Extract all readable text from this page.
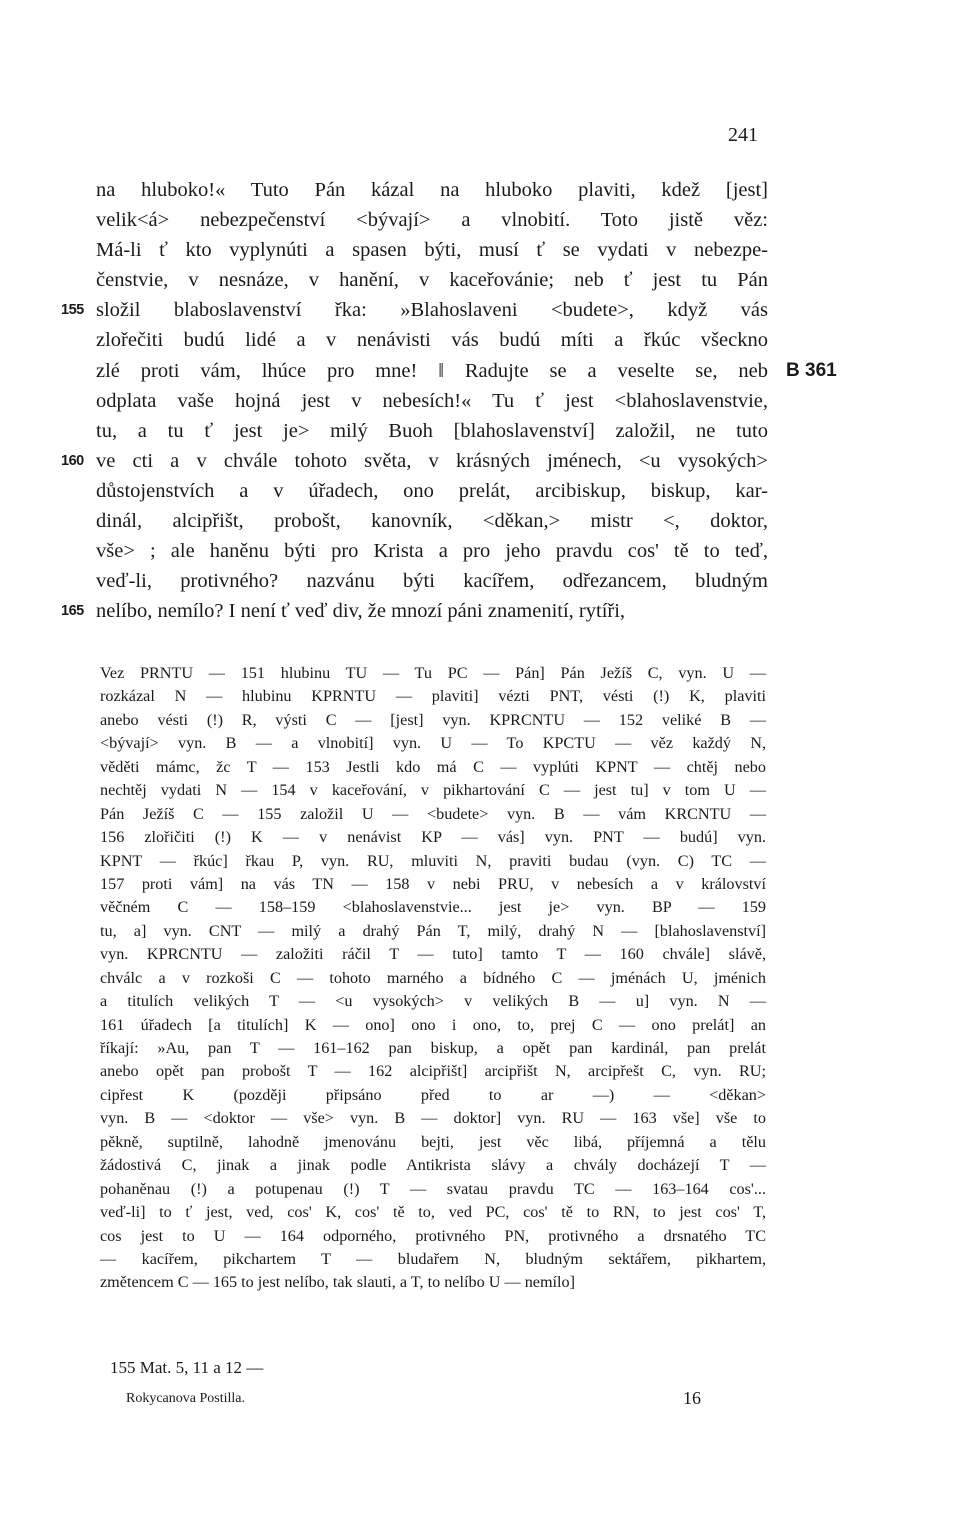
241
na hluboko!« Tuto Pán kázal na hluboko plaviti, kdež [jest]
velik<á> nebezpečenství <bývají> a vlnobití. Toto jistě věz:
Má-li ť kto vyplynúti a spasen býti, musí ť se vydati v nebezpe-
čenstvie, v nesnáze, v hanění, v kaceřovánie; neb ť jest tu Pán
složil blaboslavenství řka: »Blahoslaveni <budete>, když vás
155
zlořečiti budú lidé a v nenávisti vás budú míti a řkúc všeckno
zlé proti vám, lhúce pro mne! ‖ Radujte se a veselte se, neb B 361
odplata vaše hojná jest v nebesích!« Tu ť jest <blahoslavenstvie,
tu, a tu ť jest je> milý Buoh [blahoslavenství] založil, ne tuto
ve cti a v chvále tohoto světa, v krásných jménech, <u vysokých>
160
důstojenstvích a v úřadech, ono prelát, arcibiskup, biskup, kar-
dinál, alcipřišt, probošt, kanovník, <děkan,> mistr <, doktor,
vše> ; ale haněnu býti pro Krista a pro jeho pravdu cos' tě to teď,
veď-li, protivného? nazvánu býti kacířem, odřezancem, bludným
nelíbo, nemílo? I není ť veď div, že mnozí páni znamenití, rytíři,
165
Vez PRNTU — 151 hlubinu TU — Tu PC — Pán] Pán Ježíš C, vyn. U —
rozkázal N — hlubinu KPRNTU — plaviti] vézti PNT, vésti (!) K, plaviti
anebo vésti (!) R, výsti C — [jest] vyn. KPRCNTU — 152 veliké B —
<bývají> vyn. B — a vlnobití] vyn. U — To KPCTU — věz každý N,
věděti mámc, žc T — 153 Jestli kdo má C — vyplúti KPNT — chtěj nebo
nechtěj vydati N — 154 v kaceřování, v pikhartování C — jest tu] v tom U —
Pán Ježíš C — 155 založil U — <budete> vyn. B — vám KRCNTU —
156 zlořičiti (!) K — v nenávist KP — vás] vyn. PNT — budú] vyn.
KPNT — řkúc] řkau P, vyn. RU, mluviti N, praviti budau (vyn. C) TC —
157 proti vám] na vás TN — 158 v nebi PRU, v nebesích a v království
věčném C — 158–159 <blahoslavenstvie... jest je> vyn. BP — 159
tu, a] vyn. CNT — milý a drahý Pán T, milý, drahý N — [blahoslavenství]
vyn. KPRCNTU — založiti ráčil T — tuto] tamto T — 160 chvále] slávě,
chválc a v rozkoši C — tohoto marného a bídného C — jménách U, jménich
a titulích velikých T — <u vysokých> v velikých B — u] vyn. N —
161 úřadech [a titulích] K — ono] ono i ono, to, prej C — ono prelát] an
říkají: »Au, pan T — 161–162 pan biskup, a opět pan kardinál, pan prelát
anebo opět pan probošt T — 162 alcipřišt] arcipřišt N, arcipřešt C, vyn. RU;
cipřest K (později připsáno před to ar —) — <děkan>
vyn. B — <doktor — vše> vyn. B — doktor] vyn. RU — 163 vše] vše to
pěkně, suptilně, lahodně jmenovánu bejti, jest věc libá, příjemná a tělu
žádostivá C, jinak a jinak podle Antikrista slávy a chvály docházejí T —
pohaněnau (!) a potupenau (!) T — svatau pravdu TC — 163–164 cos'...
veď-li] to ť jest, ved, cos' K, cos' tě to, ved PC, cos' tě to RN, to jest cos' T,
cos jest to U — 164 odporného, protivného PN, protivného a drsnatého TC
— kacířem, pikchartem T — bludařem N, bludným sektářem, pikhartem,
změtencem C — 165 to jest nelíbo, tak slauti, a T, to nelíbo U — nemílo]
155 Mat. 5, 11 a 12 —
Rokycanova Postilla.	16
